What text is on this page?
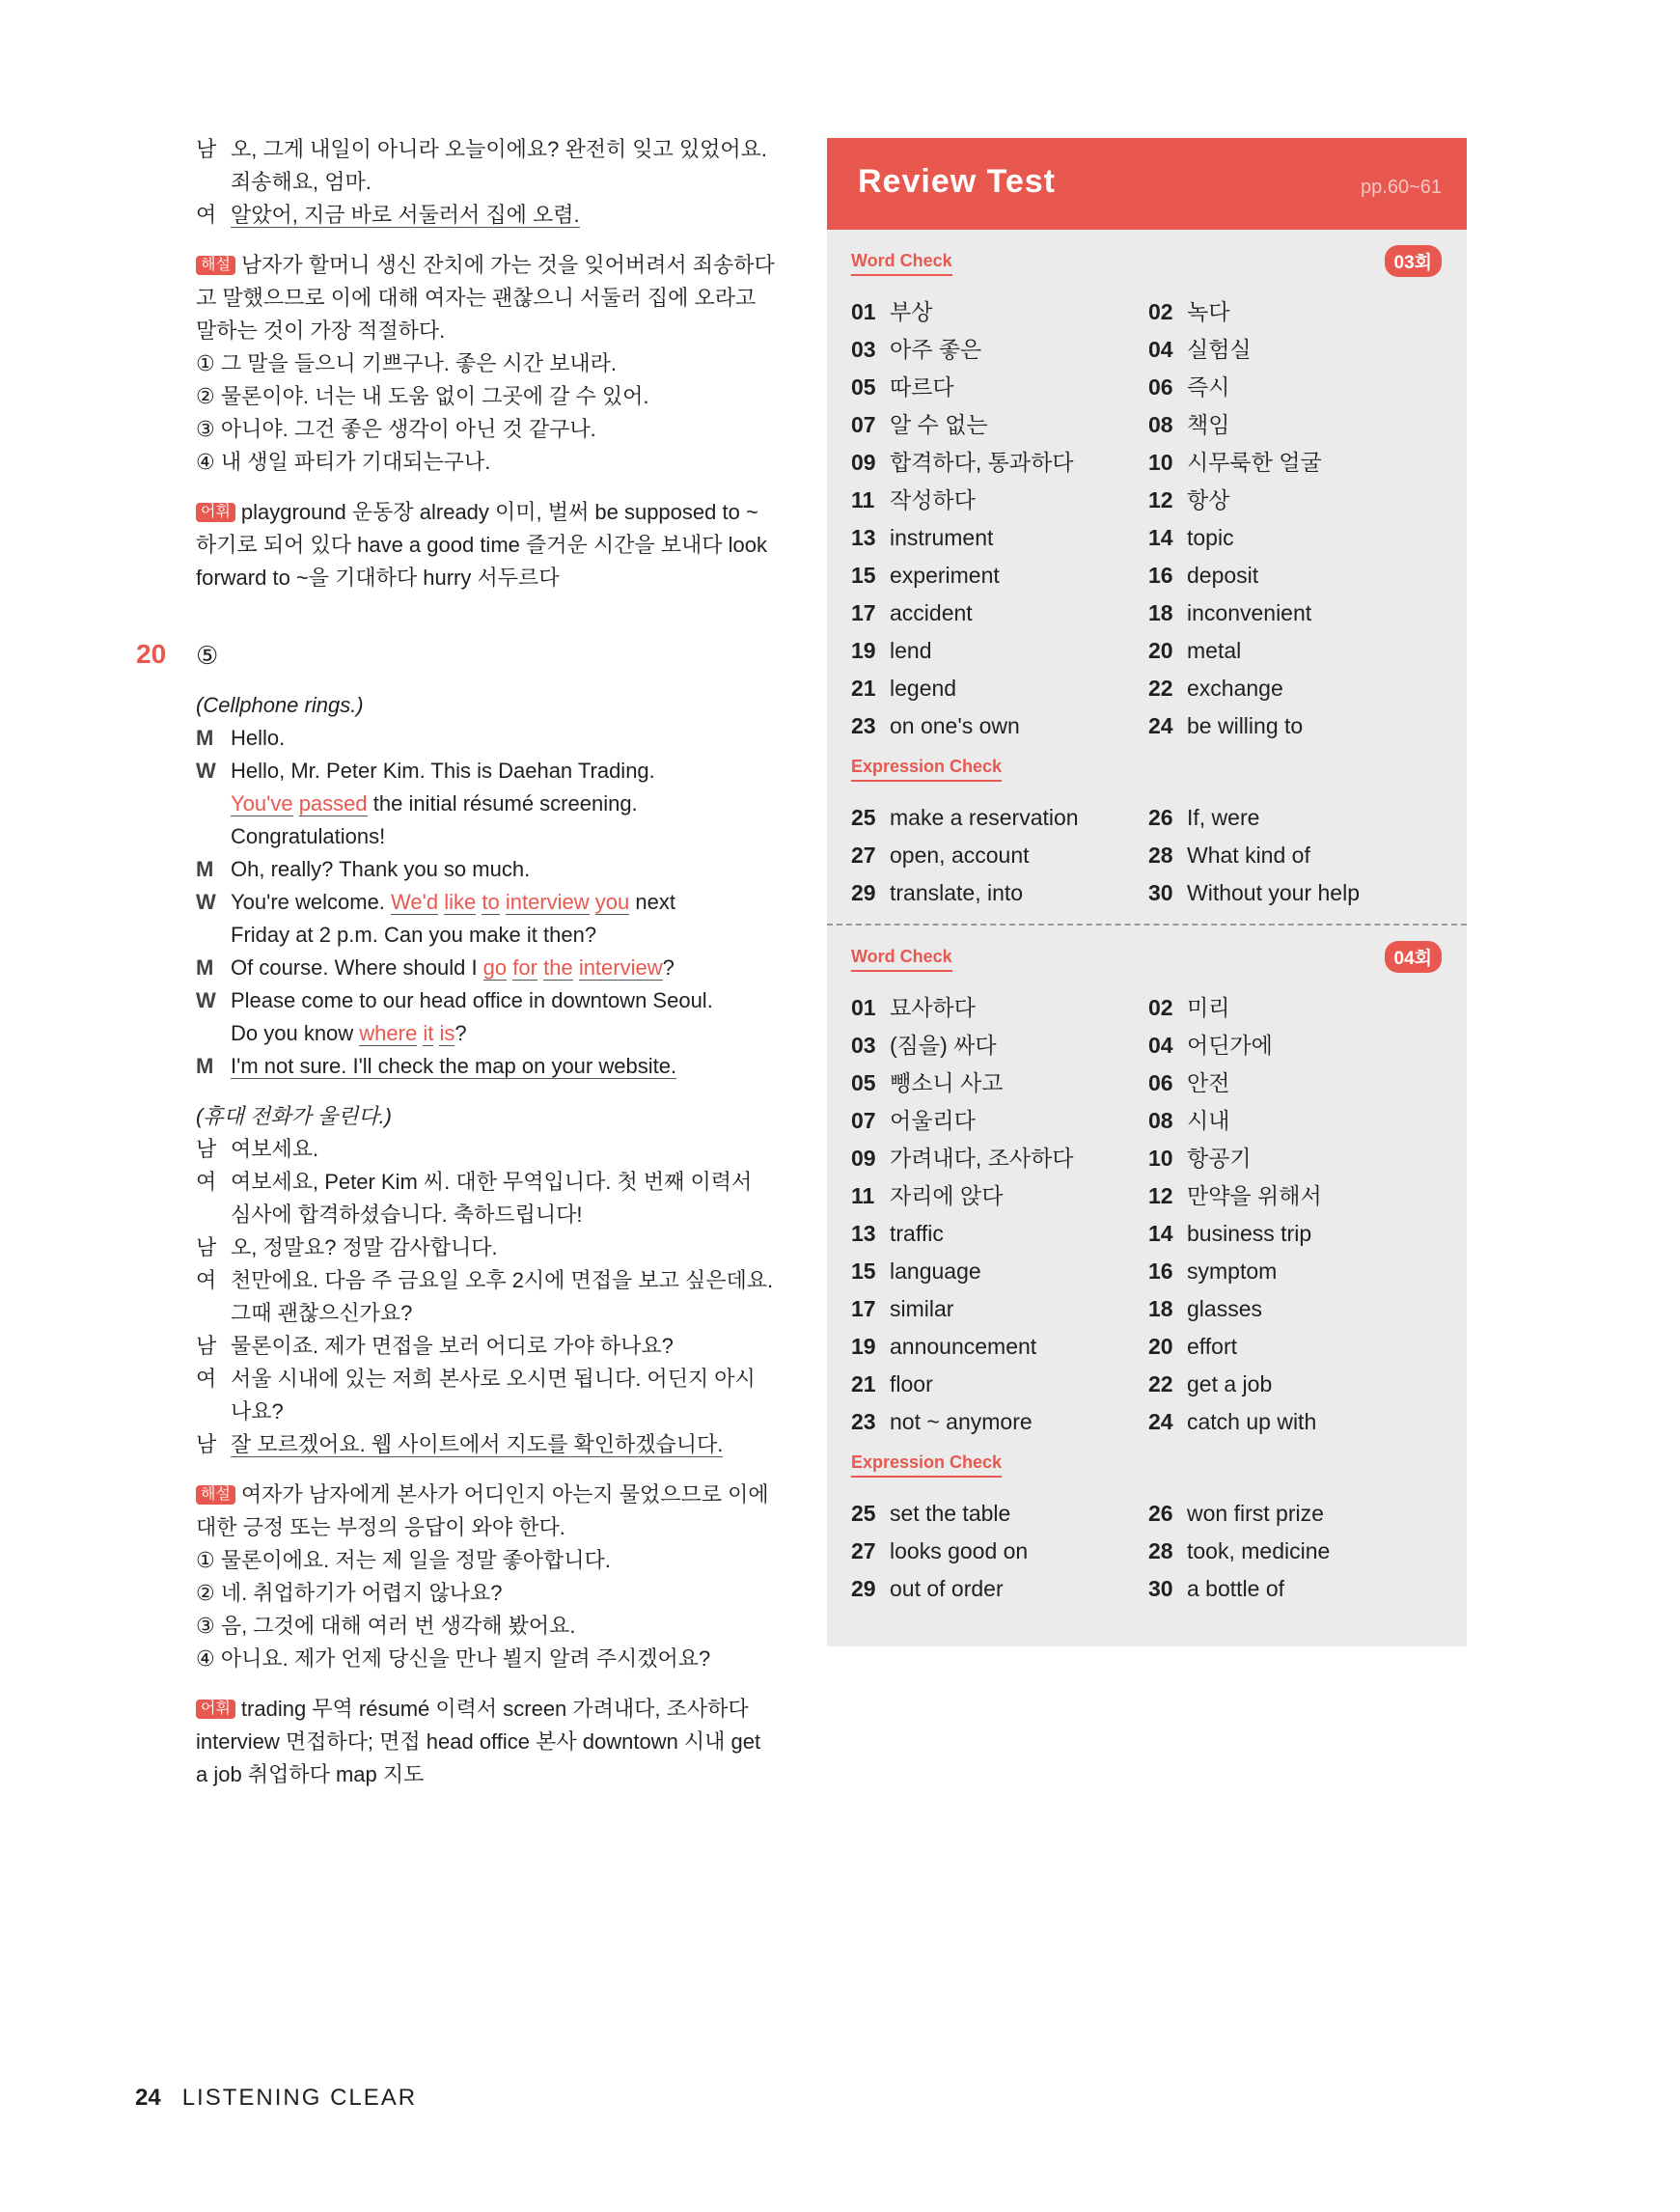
남 오, 그게 내일이 아니라 오늘이에요? 완전히 잊고 있었어요. 죄송해요, 엄마.
여 알았어, 지금 바로 서둘러서 집에 오렴.
해설 남자가 할머니 생신 잔치에 가는 것을 잊어버려서 죄송하다고 말했으므로 이에 대해 여자는 괜찮으니 서둘러 집에 오라고 말하는 것이 가장 적절하다.
① 그 말을 들으니 기쁘구나. 좋은 시간 보내라.
② 물론이야. 너는 내 도움 없이 그곳에 갈 수 있어.
③ 아니야. 그건 좋은 생각이 아닌 것 같구나.
④ 내 생일 파티가 기대되는구나.
어휘 playground 운동장 already 이미, 벌써 be supposed to ~하기로 되어 있다 have a good time 즐거운 시간을 보내다 look forward to ~을 기대하다 hurry 서두르다
20 ⑤
(Cellphone rings.)
M Hello.
W Hello, Mr. Peter Kim. This is Daehan Trading.
You've passed the initial résumé screening.
Congratulations!
M Oh, really? Thank you so much.
W You're welcome. We'd like to interview you next
Friday at 2 p.m. Can you make it then?
M Of course. Where should I go for the interview?
W Please come to our head office in downtown Seoul.
Do you know where it is?
M I'm not sure. I'll check the map on your website.
(휴대 전화가 울린다.)
남 여보세요.
여 여보세요, Peter Kim 씨. 대한 무역입니다. 첫 번째 이력서 심사에 합격하셨습니다. 축하드립니다!
남 오, 정말요? 정말 감사합니다.
여 천만에요. 다음 주 금요일 오후 2시에 면접을 보고 싶은데요. 그때 괜찮으신가요?
남 물론이죠. 제가 면접을 보러 어디로 가야 하나요?
여 서울 시내에 있는 저희 본사로 오시면 됩니다. 어딘지 아시나요?
남 잘 모르겠어요. 웹 사이트에서 지도를 확인하겠습니다.
해설 여자가 남자에게 본사가 어디인지 아는지 물었으므로 이에 대한 긍정 또는 부정의 응답이 와야 한다.
① 물론이에요. 저는 제 일을 정말 좋아합니다.
② 네. 취업하기가 어렵지 않나요?
③ 음, 그것에 대해 여러 번 생각해 봤어요.
④ 아니요. 제가 언제 당신을 만나 뵐지 알려 주시겠어요?
어휘 trading 무역 résumé 이력서 screen 가려내다, 조사하다 interview 면접하다; 면접 head office 본사 downtown 시내 get a job 취업하다 map 지도
Review Test	pp.60~61
Word Check	03회
01 부상	02 녹다
03 아주 좋은	04 실험실
05 따르다	06 즉시
07 알 수 없는	08 책임
09 합격하다, 통과하다	10 시무룩한 얼굴
11 작성하다	12 항상
13 instrument	14 topic
15 experiment	16 deposit
17 accident	18 inconvenient
19 lend	20 metal
21 legend	22 exchange
23 on one's own	24 be willing to
Expression Check
25 make a reservation	26 If, were
27 open, account	28 What kind of
29 translate, into	30 Without your help
Word Check	04회
01 묘사하다	02 미리
03 (짐을) 싸다	04 어딘가에
05 뺑소니 사고	06 안전
07 어울리다	08 시내
09 가려내다, 조사하다	10 항공기
11 자리에 앉다	12 만약을 위해서
13 traffic	14 business trip
15 language	16 symptom
17 similar	18 glasses
19 announcement	20 effort
21 floor	22 get a job
23 not ~ anymore	24 catch up with
Expression Check
25 set the table	26 won first prize
27 looks good on	28 took, medicine
29 out of order	30 a bottle of
24 LISTENING CLEAR
